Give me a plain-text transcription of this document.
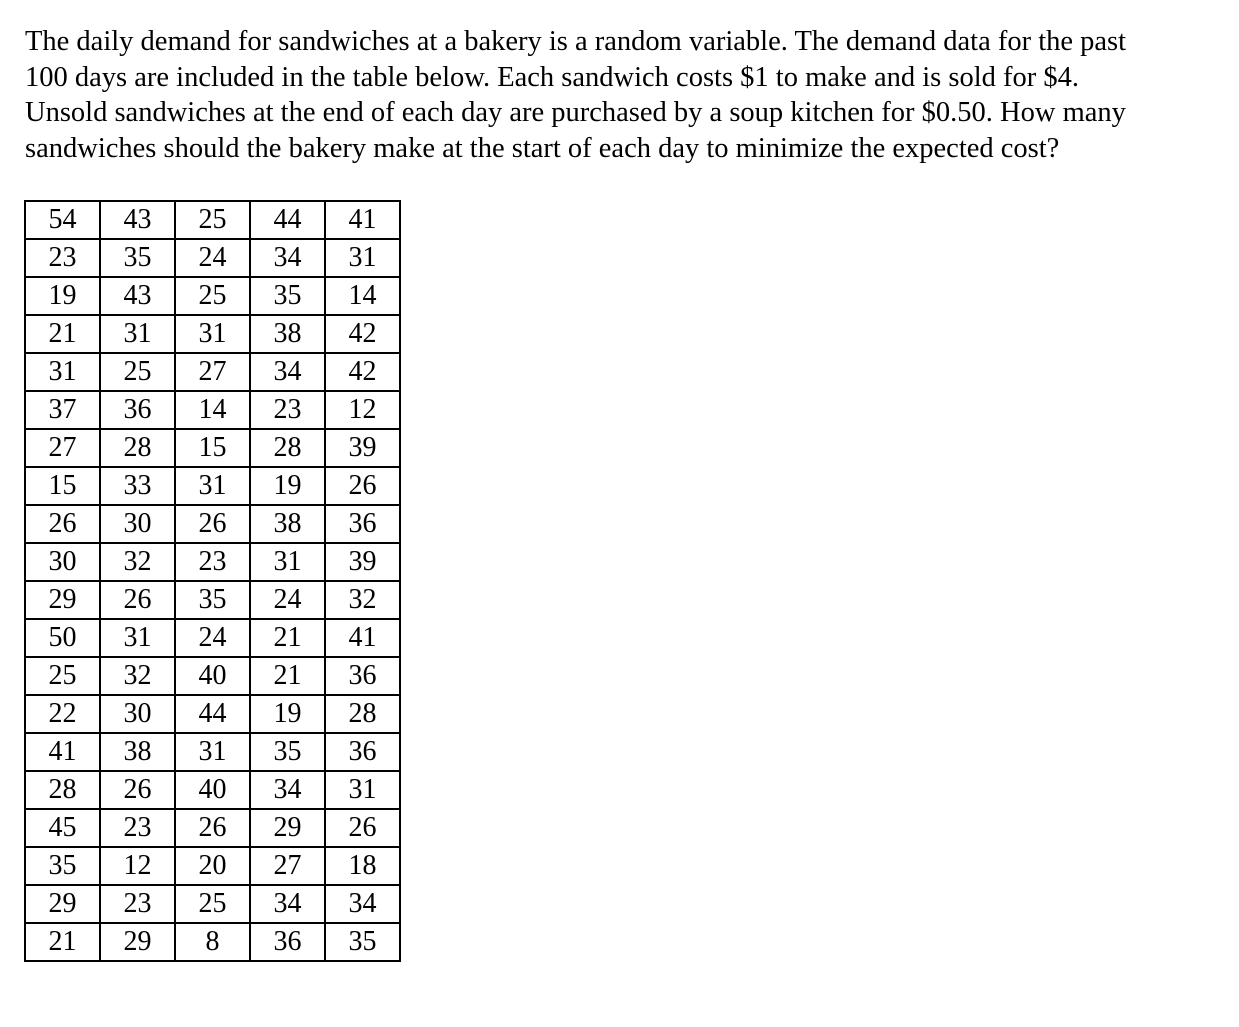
The daily demand for sandwiches at a bakery is a random variable. The demand data for the past
100 days are included in the table below. Each sandwich costs $1 to make and is sold for $4.
Unsold sandwiches at the end of each day are purchased by a soup kitchen for $0.50. How many
sandwiches should the bakery make at the start of each day to minimize the expected cost?

54	43	25	44	41
23	35	24	34	31
19	43	25	35	14
21	31	31	38	42
31	25	27	34	42
37	36	14	23	12
27	28	15	28	39
15	33	31	19	26
26	30	26	38	36
30	32	23	31	39
29	26	35	24	32
50	31	24	21	41
25	32	40	21	36
22	30	44	19	28
41	38	31	35	36
28	26	40	34	31
45	23	26	29	26
35	12	20	27	18
29	23	25	34	34
21	29	8	36	35
